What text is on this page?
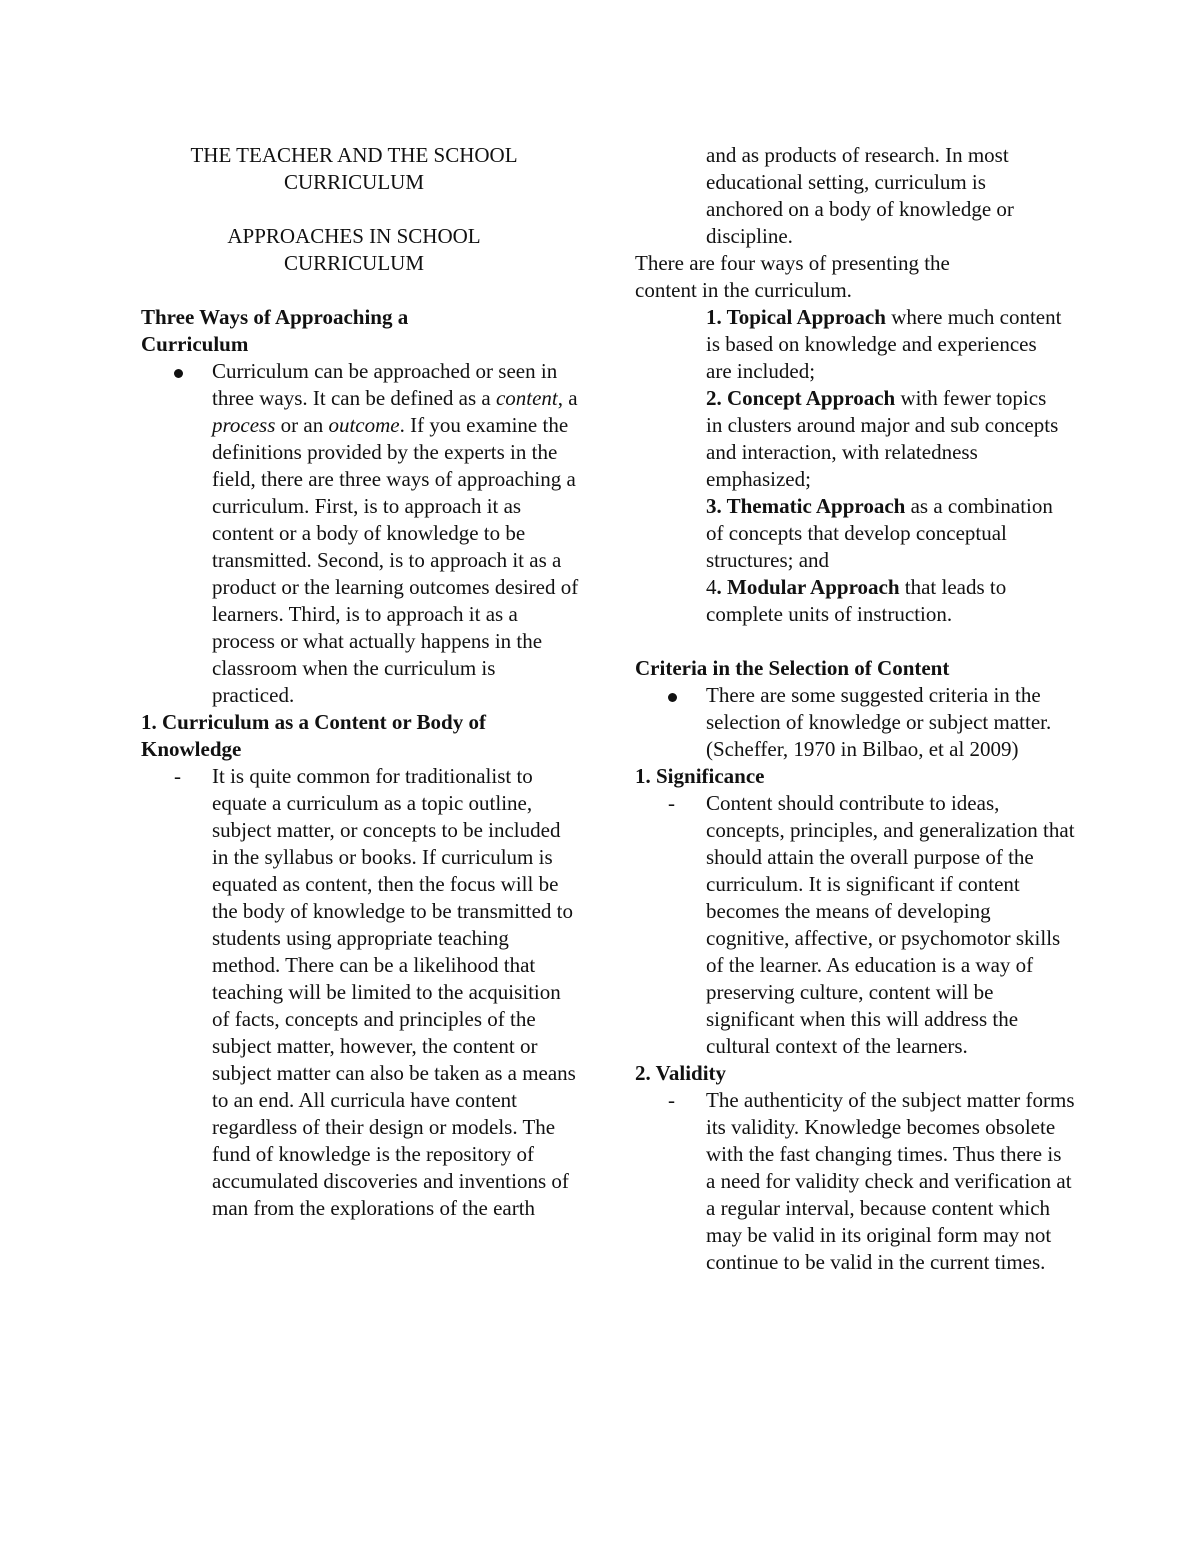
THE TEACHER AND THE SCHOOL
CURRICULUM

APPROACHES IN SCHOOL
CURRICULUM

Three Ways of Approaching a Curriculum

Curriculum can be approached or seen in three ways. It can be defined as a content, a process or an outcome. If you examine the definitions provided by the experts in the field, there are three ways of approaching a curriculum. First, is to approach it as content or a body of knowledge to be transmitted. Second, is to approach it as a product or the learning outcomes desired of learners. Third, is to approach it as a process or what actually happens in the classroom when the curriculum is practiced.

1. Curriculum as a Content or Body of Knowledge

-	It is quite common for traditionalist to equate a curriculum as a topic outline, subject matter, or concepts to be included in the syllabus or books. If curriculum is equated as content, then the focus will be the body of knowledge to be transmitted to students using appropriate teaching method. There can be a likelihood that teaching will be limited to the acquisition of facts, concepts and principles of the subject matter, however, the content or subject matter can also be taken as a means to an end. All curricula have content regardless of their design or models. The fund of knowledge is the repository of accumulated discoveries and inventions of man from the explorations of the earth

and as products of research. In most educational setting, curriculum is anchored on a body of knowledge or discipline.

There are four ways of presenting the content in the curriculum.

1. Topical Approach where much content is based on knowledge and experiences are included;

2. Concept Approach with fewer topics in clusters around major and sub concepts and interaction, with relatedness emphasized;

3. Thematic Approach as a combination of concepts that develop conceptual structures; and

4. Modular Approach that leads to complete units of instruction.

Criteria in the Selection of Content

There are some suggested criteria in the selection of knowledge or subject matter. (Scheffer, 1970 in Bilbao, et al 2009)

1. Significance

-	Content should contribute to ideas, concepts, principles, and generalization that should attain the overall purpose of the curriculum. It is significant if content becomes the means of developing cognitive, affective, or psychomotor skills of the learner. As education is a way of preserving culture, content will be significant when this will address the cultural context of the learners.

2. Validity

-	The authenticity of the subject matter forms its validity. Knowledge becomes obsolete with the fast changing times. Thus there is a need for validity check and verification at a regular interval, because content which may be valid in its original form may not continue to be valid in the current times.
